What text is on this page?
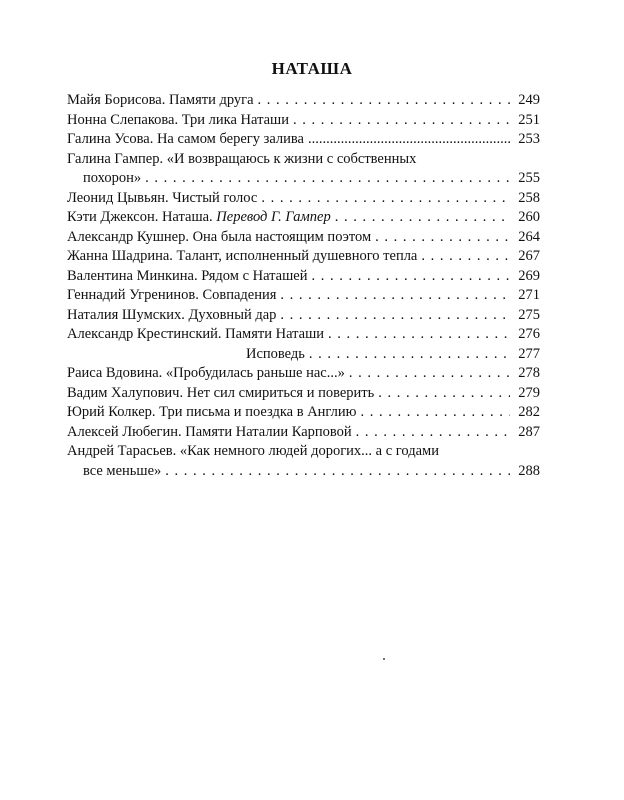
НАТАША
Майя Борисова. Памяти друга . . .	249
Нонна Слепакова. Три лика Наташи . . .	251
Галина Усова. На самом берегу залива .....	253
Галина Гампер. «И возвращаюсь к жизни с собственных
похорон» . . .	255
Леонид Цывьян. Чистый голос . . .	258
Кэти Джексон. Наташа. Перевод Г. Гампер . . .	260
Александр Кушнер. Она была настоящим поэтом . . .	264
Жанна Шадрина. Талант, исполненный душевного тепла . . .	267
Валентина Минкина. Рядом с Наташей . . .	269
Геннадий Угренинов. Совпадения . . .	271
Наталия Шумских. Духовный дар . . .	275
Александр Крестинский. Памяти Наташи . . .	276
Исповедь . . .	277
Раиса Вдовина. «Пробудилась раньше нас...» . . .	278
Вадим Халупович. Нет сил смириться и поверить . . .	279
Юрий Колкер. Три письма и поездка в Англию . . .	282
Алексей Любегин. Памяти Наталии Карповой . . .	287
Андрей Тарасьев. «Как немного людей дорогих... а с годами
все меньше» . . .	288
